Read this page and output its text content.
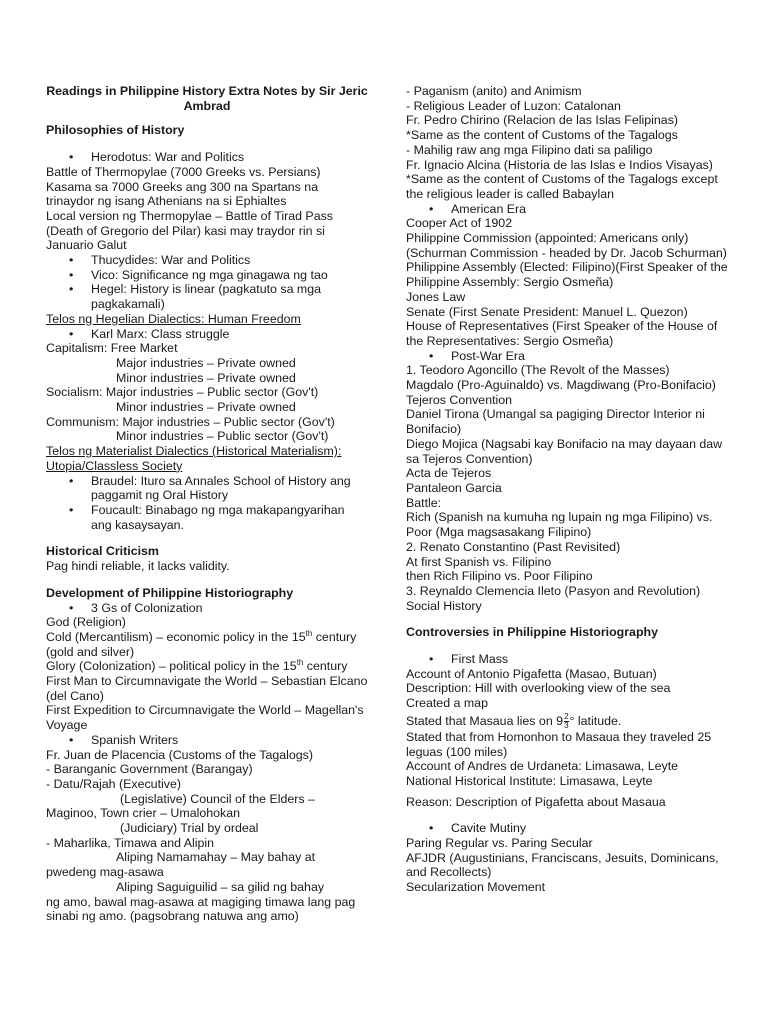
Readings in Philippine History Extra Notes by Sir Jeric Ambrad

Philosophies of History

• Herodotus: War and Politics

Battle of Thermopylae (7000 Greeks vs. Persians)

Kasama sa 7000 Greeks ang 300 na Spartans na trinaydor ng isang Athenians na si Ephialtes

Local version ng Thermopylae – Battle of Tirad Pass (Death of Gregorio del Pilar) kasi may traydor rin si Januario Galut

• Thucydides: War and Politics

• Vico: Significance ng mga ginagawa ng tao

• Hegel: History is linear (pagkatuto sa mga pagkakamali)

Telos ng Hegelian Dialectics: Human Freedom

• Karl Marx: Class struggle

Capitalism: Free Market

Major industries – Private owned

Minor industries – Private owned

Socialism: Major industries – Public sector (Gov't)

Minor industries – Private owned

Communism: Major industries – Public sector (Gov't)

Minor industries – Public sector (Gov't)

Telos ng Materialist Dialectics (Historical Materialism): Utopia/Classless Society

• Braudel: Ituro sa Annales School of History ang paggamit ng Oral History

• Foucault: Binabago ng mga makapangyarihan ang kasaysayan.

Historical Criticism

Pag hindi reliable, it lacks validity.

Development of Philippine Historiography

• 3 Gs of Colonization

God (Religion)

Cold (Mercantilism) – economic policy in the 15th century (gold and silver)

Glory (Colonization) – political policy in the 15th century

First Man to Circumnavigate the World – Sebastian Elcano (del Cano)

First Expedition to Circumnavigate the World – Magellan's Voyage

• Spanish Writers

Fr. Juan de Placencia (Customs of the Tagalogs)

- Baranganic Government (Barangay)

- Datu/Rajah (Executive)

(Legislative) Council of the Elders –

Maginoo, Town crier – Umalohokan

(Judiciary) Trial by ordeal

- Maharlika, Timawa and Alipin

Aliping Namamahay – May bahay at

pwedeng mag-asawa

Aliping Saguiguilid – sa gilid ng bahay

ng amo, bawal mag-asawa at magiging timawa lang pag sinabi ng amo. (pagsobrang natuwa ang amo)

- Paganism (anito) and Animism

- Religious Leader of Luzon: Catalonan

Fr. Pedro Chirino (Relacion de las Islas Felipinas)

*Same as the content of Customs of the Tagalogs

- Mahilig raw ang mga Filipino dati sa paliligo

Fr. Ignacio Alcina (Historia de las Islas e Indios Visayas)

*Same as the content of Customs of the Tagalogs except the religious leader is called Babaylan

• American Era

Cooper Act of 1902

Philippine Commission (appointed: Americans only)(Schurman Commission - headed by Dr. Jacob Schurman)

Philippine Assembly (Elected: Filipino)(First Speaker of the Philippine Assembly: Sergio Osmeña)

Jones Law

Senate (First Senate President: Manuel L. Quezon)

House of Representatives (First Speaker of the House of the Representatives: Sergio Osmeña)

• Post-War Era

1. Teodoro Agoncillo (The Revolt of the Masses)

Magdalo (Pro-Aguinaldo) vs. Magdiwang (Pro-Bonifacio)

Tejeros Convention

Daniel Tirona (Umangal sa pagiging Director Interior ni Bonifacio)

Diego Mojica (Nagsabi kay Bonifacio na may dayaan daw sa Tejeros Convention)

Acta de Tejeros

Pantaleon Garcia

Battle:

Rich (Spanish na kumuha ng lupain ng mga Filipino) vs. Poor (Mga magsasakang Filipino)

2. Renato Constantino (Past Revisited)

At first Spanish vs. Filipino

then Rich Filipino vs. Poor Filipino

3. Reynaldo Clemencia Ileto (Pasyon and Revolution)

Social History

Controversies in Philippine Historiography

• First Mass

Account of Antonio Pigafetta (Masao, Butuan)

Description: Hill with overlooking view of the sea

Created a map

Stated that Masaua lies on $9 \frac{2}{3}$ ° latitude.

Stated that from Homonhon to Masaua they traveled 25 leguas (100 miles)

Account of Andres de Urdaneta: Limasawa, Leyte

National Historical Institute: Limasawa, Leyte

Reason: Description of Pigafetta about Masaua

• Cavite Mutiny

Paring Regular vs. Paring Secular

AFJDR (Augustinians, Franciscans, Jesuits, Dominicans, and Recollects)

Secularization Movement
